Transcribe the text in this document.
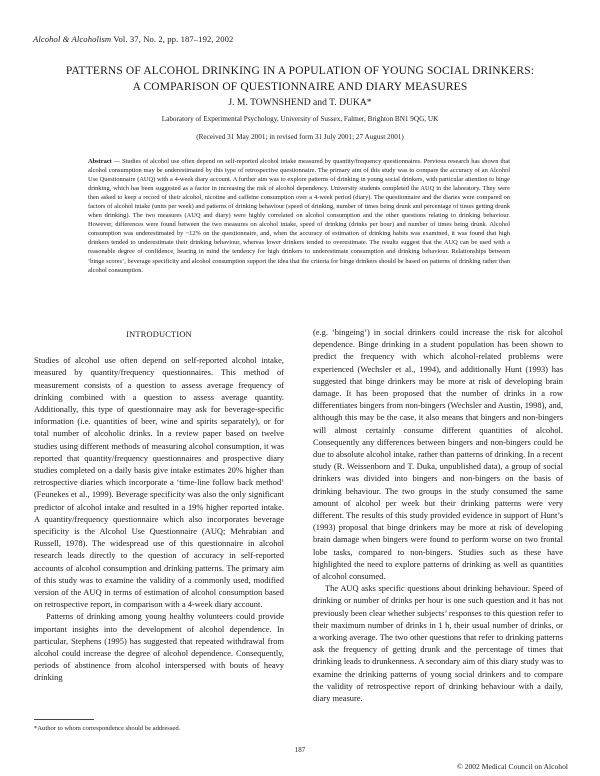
Alcohol & Alcoholism Vol. 37, No. 2, pp. 187–192, 2002
PATTERNS OF ALCOHOL DRINKING IN A POPULATION OF YOUNG SOCIAL DRINKERS:
A COMPARISON OF QUESTIONNAIRE AND DIARY MEASURES
J. M. TOWNSHEND and T. DUKA*
Laboratory of Experimental Psychology, University of Sussex, Falmer, Brighton BN1 9QG, UK
(Received 31 May 2001; in revised form 31 July 2001; 27 August 2001)
Abstract — Studies of alcohol use often depend on self-reported alcohol intake measured by quantity/frequency questionnaires. Previous research has shown that alcohol consumption may be underestimated by this type of retrospective questionnaire. The primary aim of this study was to compare the accuracy of an Alcohol Use Questionnaire (AUQ) with a 4-week diary account. A further aim was to explore patterns of drinking in young social drinkers, with particular attention to binge drinking, which has been suggested as a factor in increasing the risk of alcohol dependency. University students completed the AUQ in the laboratory. They were then asked to keep a record of their alcohol, nicotine and caffeine consumption over a 4-week period (diary). The questionnaire and the diaries were compared on factors of alcohol intake (units per week) and patterns of drinking behaviour (speed of drinking, number of times being drunk and percentage of times getting drunk when drinking). The two measures (AUQ and diary) were highly correlated on alcohol consumption and the other questions relating to drinking behaviour. However, differences were found between the two measures on alcohol intake, speed of drinking (drinks per hour) and number of times being drunk. Alcohol consumption was underestimated by ~12% on the questionnaire, and, when the accuracy of estimation of drinking habits was examined, it was found that high drinkers tended to underestimate their drinking behaviour, whereas lower drinkers tended to overestimate. The results suggest that the AUQ can be used with a reasonable degree of confidence, bearing in mind the tendency for high drinkers to underestimate consumption and drinking behaviour. Relationships between ‘binge scores’, beverage specificity and alcohol consumption support the idea that the criteria for binge drinkers should be based on patterns of drinking rather than alcohol consumption.

INTRODUCTION

Studies of alcohol use often depend on self-reported alcohol intake, measured by quantity/frequency questionnaires. This method of measurement consists of a question to assess average frequency of drinking combined with a question to assess average quantity. Additionally, this type of questionnaire may ask for beverage-specific information (i.e. quantities of beer, wine and spirits separately), or for total number of alcoholic drinks. In a review paper based on twelve studies using different methods of measuring alcohol consumption, it was reported that quantity/frequency questionnaires and prospective diary studies completed on a daily basis give intake estimates 20% higher than retrospective diaries which incorporate a ‘time-line follow back method’ (Feunekes et al., 1999). Beverage specificity was also the only significant predictor of alcohol intake and resulted in a 19% higher reported intake. A quantity/frequency questionnaire which also incorporates beverage specificity is the Alcohol Use Questionnaire (AUQ; Mehrabian and Russell, 1978). The widespread use of this questionnaire in alcohol research leads directly to the question of accuracy in self-reported accounts of alcohol consumption and drinking patterns. The primary aim of this study was to examine the validity of a commonly used, modified version of the AUQ in terms of estimation of alcohol consumption based on retrospective report, in comparison with a 4-week diary account.

Patterns of drinking among young healthy volunteers could provide important insights into the development of alcohol dependence. In particular, Stephens (1995) has suggested that repeated withdrawal from alcohol could increase the degree of alcohol dependence. Consequently, periods of abstinence from alcohol interspersed with bouts of heavy drinking

(e.g. ‘bingeing’) in social drinkers could increase the risk for alcohol dependence. Binge drinking in a student population has been shown to predict the frequency with which alcohol-related problems were experienced (Wechsler et al., 1994), and additionally Hunt (1993) has suggested that binge drinkers may be more at risk of developing brain damage. It has been proposed that the number of drinks in a row differentiates bingers from non-bingers (Wechsler and Austin, 1998), and, although this may be the case, it also means that bingers and non-bingers will almost certainly consume different quantities of alcohol. Consequently any differences between bingers and non-bingers could be due to absolute alcohol intake, rather than patterns of drinking. In a recent study (R. Weissenborn and T. Duka, unpublished data), a group of social drinkers was divided into bingers and non-bingers on the basis of drinking behaviour. The two groups in the study consumed the same amount of alcohol per week but their drinking patterns were very different. The results of this study provided evidence in support of Hunt’s (1993) proposal that binge drinkers may be more at risk of developing brain damage when bingers were found to perform worse on two frontal lobe tasks, compared to non-bingers. Studies such as these have highlighted the need to explore patterns of drinking as well as quantities of alcohol consumed.

The AUQ asks specific questions about drinking behaviour. Speed of drinking or number of drinks per hour is one such question and it has not previously been clear whether subjects’ responses to this question refer to their maximum number of drinks in 1 h, their usual number of drinks, or a working average. The two other questions that refer to drinking patterns ask the frequency of getting drunk and the percentage of times that drinking leads to drunkenness. A secondary aim of this diary study was to examine the drinking patterns of young social drinkers and to compare the validity of retrospective report of drinking behaviour with a daily, diary measure.

*Author to whom correspondence should be addressed.
187
© 2002 Medical Council on Alcohol
